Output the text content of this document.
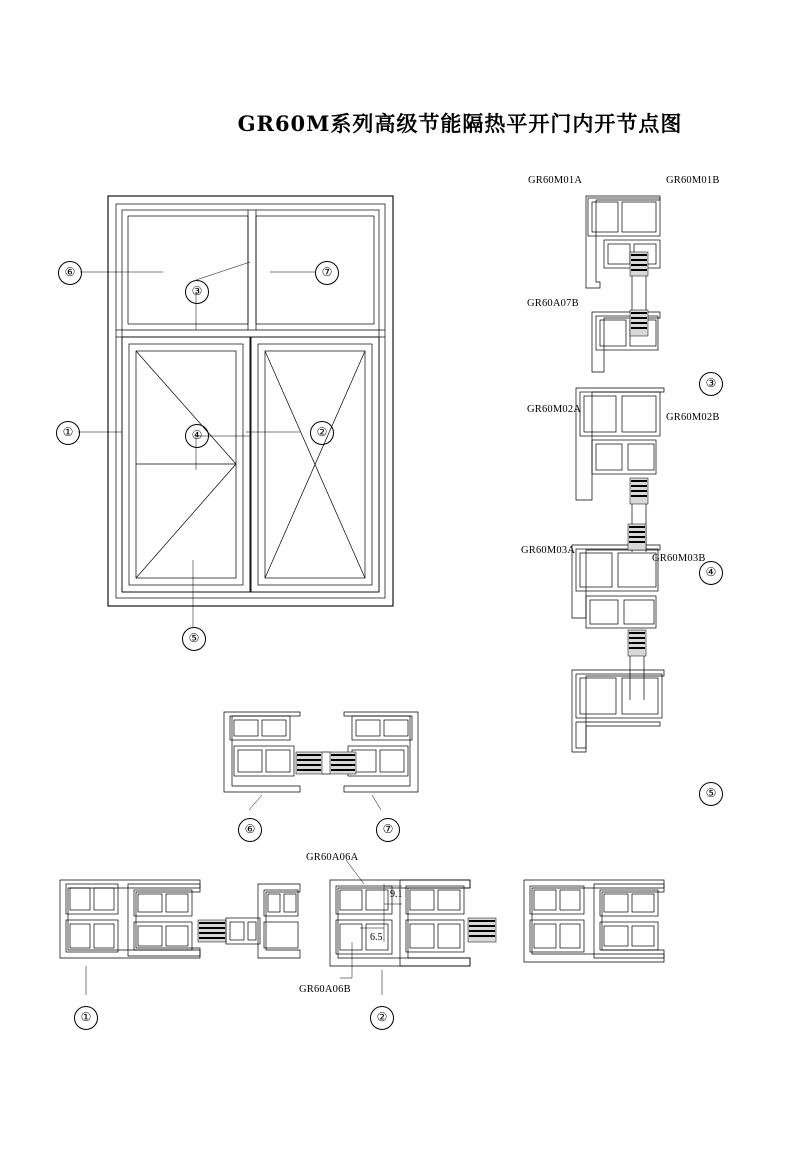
GR60M系列高级节能隔热平开门内开节点图
①	②
③
④
⑤
⑥	⑦
③
④
⑤
⑥	⑦
①	②
GR60M01A	GR60M01B
GR60A07B
GR60M02A
GR60M02B
GR60M03A
GR60M03B
GR60A06A
GR60A06B
9.1
6.5
